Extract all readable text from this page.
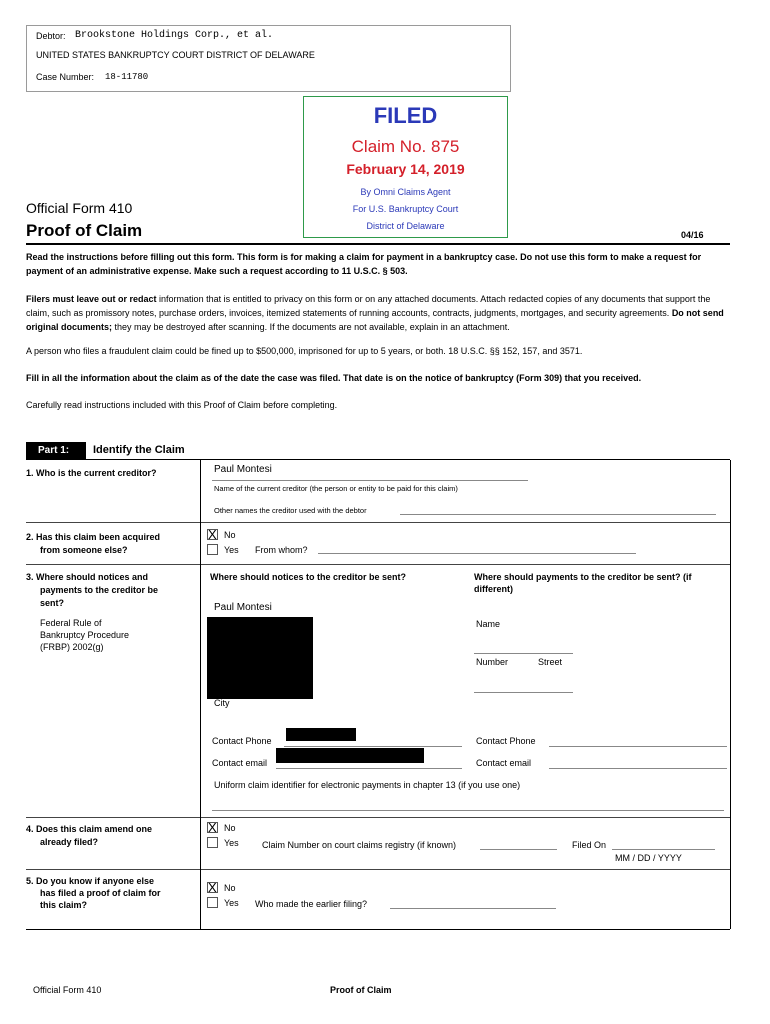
Debtor: Brookstone Holdings Corp., et al.
UNITED STATES BANKRUPTCY COURT DISTRICT OF DELAWARE
Case Number: 18-11780
FILED
Claim No. 875
February 14, 2019
By Omni Claims Agent
For U.S. Bankruptcy Court
District of Delaware
Official Form 410
Proof of Claim	04/16
Read the instructions before filling out this form. This form is for making a claim for payment in a bankruptcy case. Do not use this form to make a request for payment of an administrative expense. Make such a request according to 11 U.S.C. § 503.
Filers must leave out or redact information that is entitled to privacy on this form or on any attached documents. Attach redacted copies of any documents that support the claim, such as promissory notes, purchase orders, invoices, itemized statements of running accounts, contracts, judgments, mortgages, and security agreements. Do not send original documents; they may be destroyed after scanning. If the documents are not available, explain in an attachment.
A person who files a fraudulent claim could be fined up to $500,000, imprisoned for up to 5 years, or both. 18 U.S.C. §§ 152, 157, and 3571.
Fill in all the information about the claim as of the date the case was filed. That date is on the notice of bankruptcy (Form 309) that you received.
Carefully read instructions included with this Proof of Claim before completing.
Part 1: Identify the Claim
1. Who is the current creditor?	Paul Montesi
Name of the current creditor (the person or entity to be paid for this claim)
Other names the creditor used with the debtor
2. Has this claim been acquired
from someone else?
X No
Yes From whom?
3. Where should notices and
payments to the creditor be
sent?
Federal Rule of
Bankruptcy Procedure
(FRBP) 2002(g)
Where should notices to the creditor be sent?	Where should payments to the creditor be sent? (if
different)
Paul Montesi
City
Name
Number	Street
Contact Phone	Contact Phone
Contact email	Contact email
Uniform claim identifier for electronic payments in chapter 13 (if you use one)
4. Does this claim amend one
already filed?
X No
Yes	Claim Number on court claims registry (if known)	Filed On
MM / DD / YYYY
5. Do you know if anyone else
has filed a proof of claim for
this claim?
X No
Yes Who made the earlier filing?
Official Form 410	Proof of Claim
